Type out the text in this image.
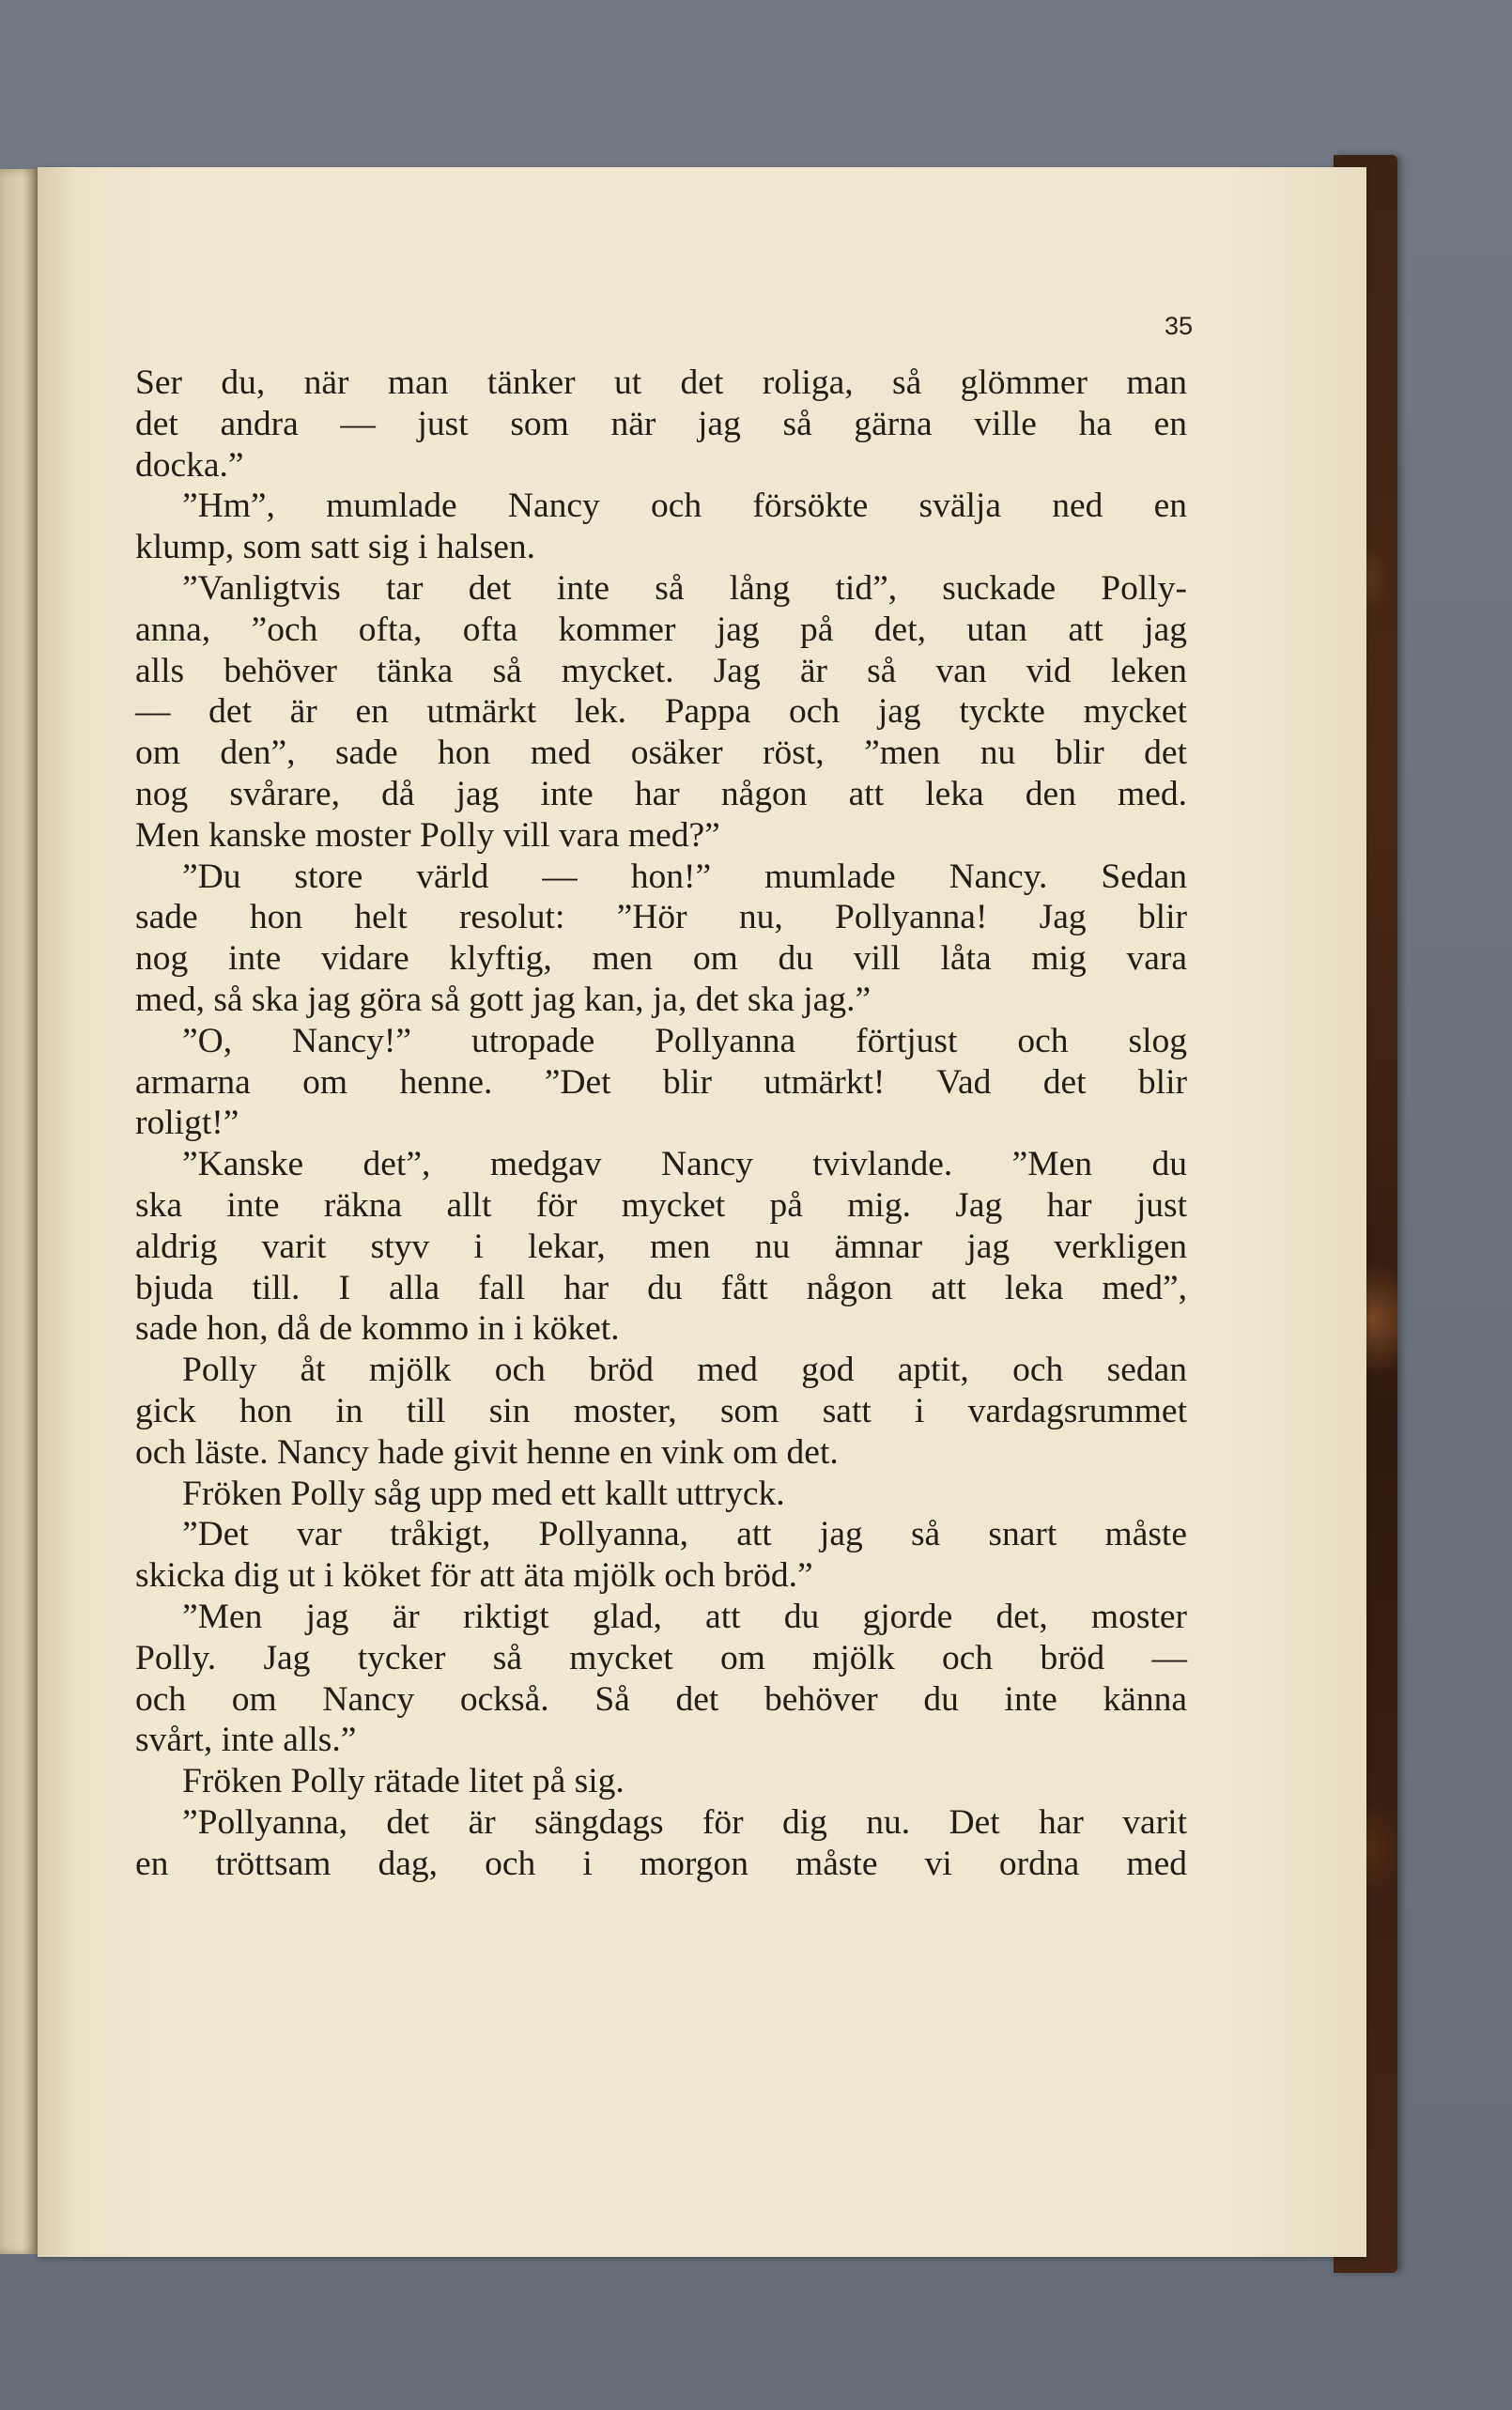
35
Ser du, när man tänker ut det roliga, så glömmer man
det andra — just som när jag så gärna ville ha en
docka.”
”Hm”, mumlade Nancy och försökte svälja ned en
klump, som satt sig i halsen.
”Vanligtvis tar det inte så lång tid”, suckade Polly-
anna, ”och ofta, ofta kommer jag på det, utan att jag
alls behöver tänka så mycket. Jag är så van vid leken
— det är en utmärkt lek. Pappa och jag tyckte mycket
om den”, sade hon med osäker röst, ”men nu blir det
nog svårare, då jag inte har någon att leka den med.
Men kanske moster Polly vill vara med?”
”Du store värld — hon!” mumlade Nancy. Sedan
sade hon helt resolut: ”Hör nu, Pollyanna! Jag blir
nog inte vidare klyftig, men om du vill låta mig vara
med, så ska jag göra så gott jag kan, ja, det ska jag.”
”O, Nancy!” utropade Pollyanna förtjust och slog
armarna om henne. ”Det blir utmärkt! Vad det blir
roligt!”
”Kanske det”, medgav Nancy tvivlande. ”Men du
ska inte räkna allt för mycket på mig. Jag har just
aldrig varit styv i lekar, men nu ämnar jag verkligen
bjuda till. I alla fall har du fått någon att leka med”,
sade hon, då de kommo in i köket.
Polly åt mjölk och bröd med god aptit, och sedan
gick hon in till sin moster, som satt i vardagsrummet
och läste. Nancy hade givit henne en vink om det.
Fröken Polly såg upp med ett kallt uttryck.
”Det var tråkigt, Pollyanna, att jag så snart måste
skicka dig ut i köket för att äta mjölk och bröd.”
”Men jag är riktigt glad, att du gjorde det, moster
Polly. Jag tycker så mycket om mjölk och bröd —
och om Nancy också. Så det behöver du inte känna
svårt, inte alls.”
Fröken Polly rätade litet på sig.
”Pollyanna, det är sängdags för dig nu. Det har varit
en tröttsam dag, och i morgon måste vi ordna med
